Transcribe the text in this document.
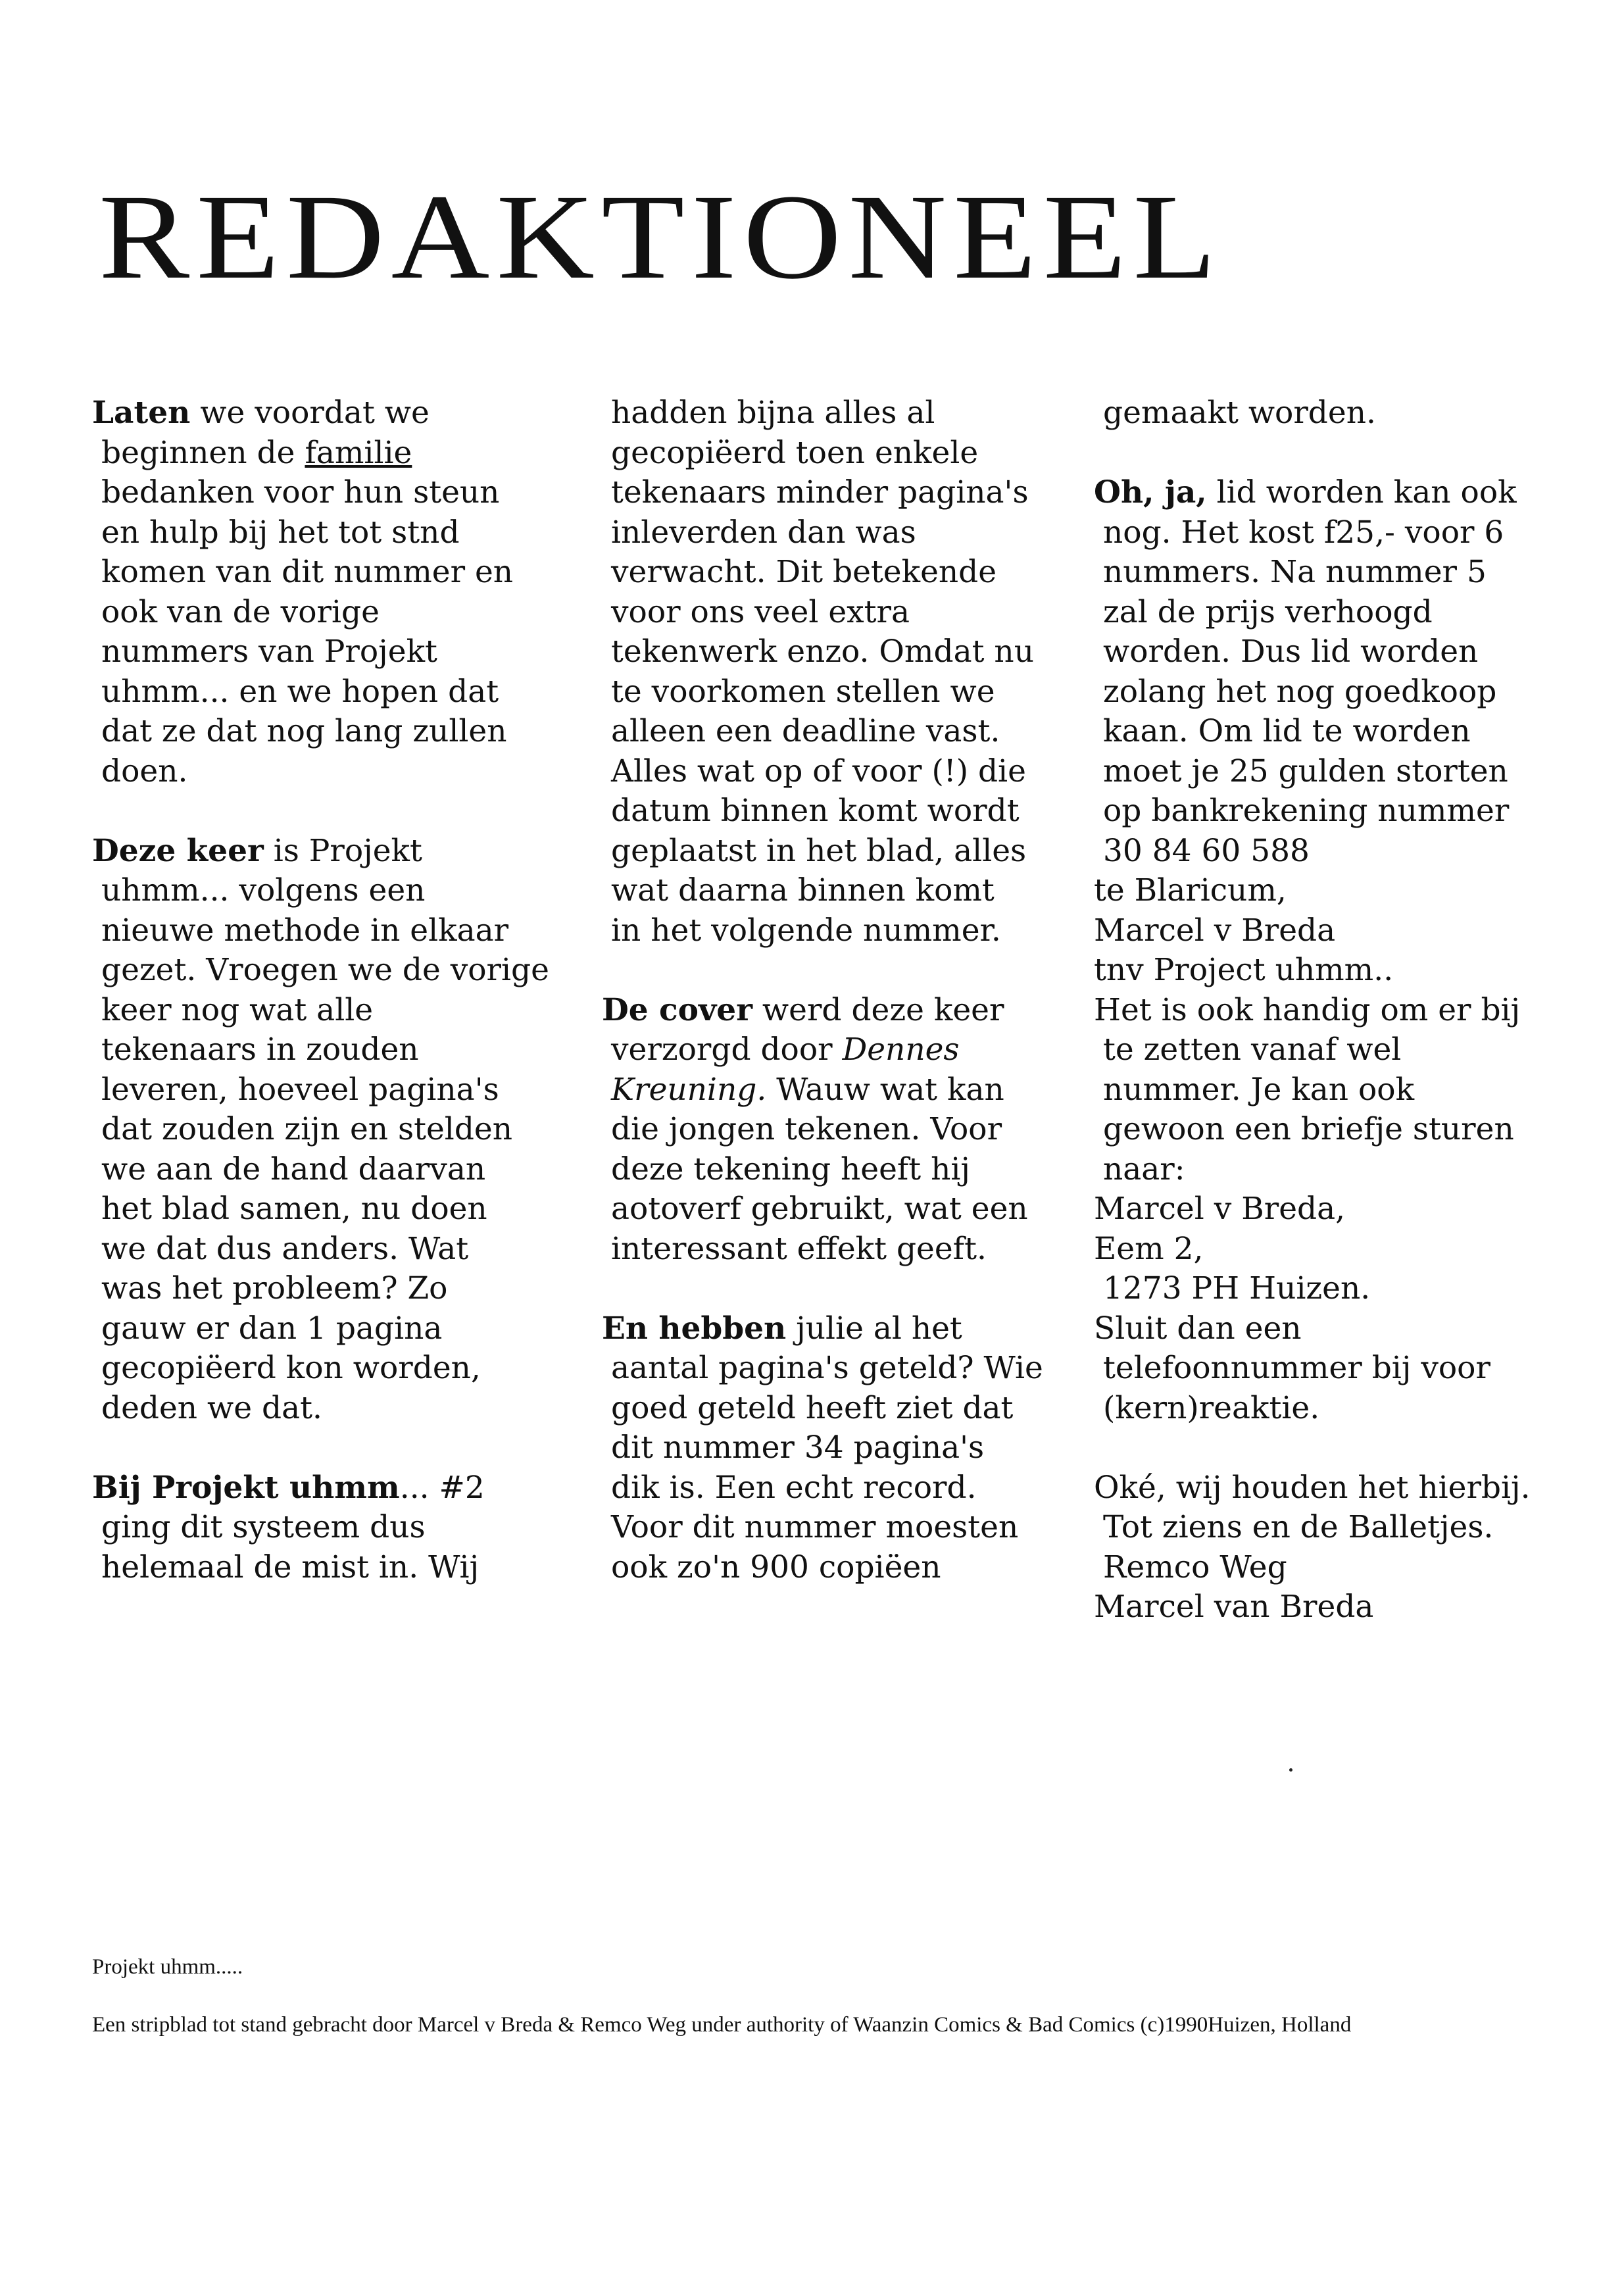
REDAKTIONEEL
Laten we voordat we
beginnen de familie
bedanken voor hun steun
en hulp bij het tot stnd
komen van dit nummer en
ook van de vorige
nummers van Projekt
uhmm... en we hopen dat
dat ze dat nog lang zullen
doen.
Deze keer is Projekt
uhmm... volgens een
nieuwe methode in elkaar
gezet. Vroegen we de vorige
keer nog wat alle
tekenaars in zouden
leveren, hoeveel pagina's
dat zouden zijn en stelden
we aan de hand daarvan
het blad samen, nu doen
we dat dus anders. Wat
was het probleem? Zo
gauw er dan 1 pagina
gecopiëerd kon worden,
deden we dat.
Bij Projekt uhmm... #2
ging dit systeem dus
helemaal de mist in. Wij
hadden bijna alles al
gecopiëerd toen enkele
tekenaars minder pagina's
inleverden dan was
verwacht. Dit betekende
voor ons veel extra
tekenwerk enzo. Omdat nu
te voorkomen stellen we
alleen een deadline vast.
Alles wat op of voor (!) die
datum binnen komt wordt
geplaatst in het blad, alles
wat daarna binnen komt
in het volgende nummer.
De cover werd deze keer
verzorgd door Dennes
Kreuning. Wauw wat kan
die jongen tekenen. Voor
deze tekening heeft hij
aotoverf gebruikt, wat een
interessant effekt geeft.
En hebben julie al het
aantal pagina's geteld? Wie
goed geteld heeft ziet dat
dit nummer 34 pagina's
dik is. Een echt record.
Voor dit nummer moesten
ook zo'n 900 copiëen
gemaakt worden.
Oh, ja, lid worden kan ook
nog. Het kost f25,- voor 6
nummers. Na nummer 5
zal de prijs verhoogd
worden. Dus lid worden
zolang het nog goedkoop
kaan. Om lid te worden
moet je 25 gulden storten
op bankrekening nummer
30 84 60 588
te Blaricum,
Marcel v Breda
tnv Project uhmm..
Het is ook handig om er bij
te zetten vanaf wel
nummer. Je kan ook
gewoon een briefje sturen
naar:
Marcel v Breda,
Eem 2,
1273 PH Huizen.
Sluit dan een
telefoonnummer bij voor
(kern)reaktie.
Oké, wij houden het hierbij.
Tot ziens en de Balletjes.
Remco Weg
Marcel van Breda
Projekt uhmm.....
Een stripblad tot stand gebracht door Marcel v Breda & Remco Weg under authority of Waanzin Comics & Bad Comics (c)1990Huizen, Holland
